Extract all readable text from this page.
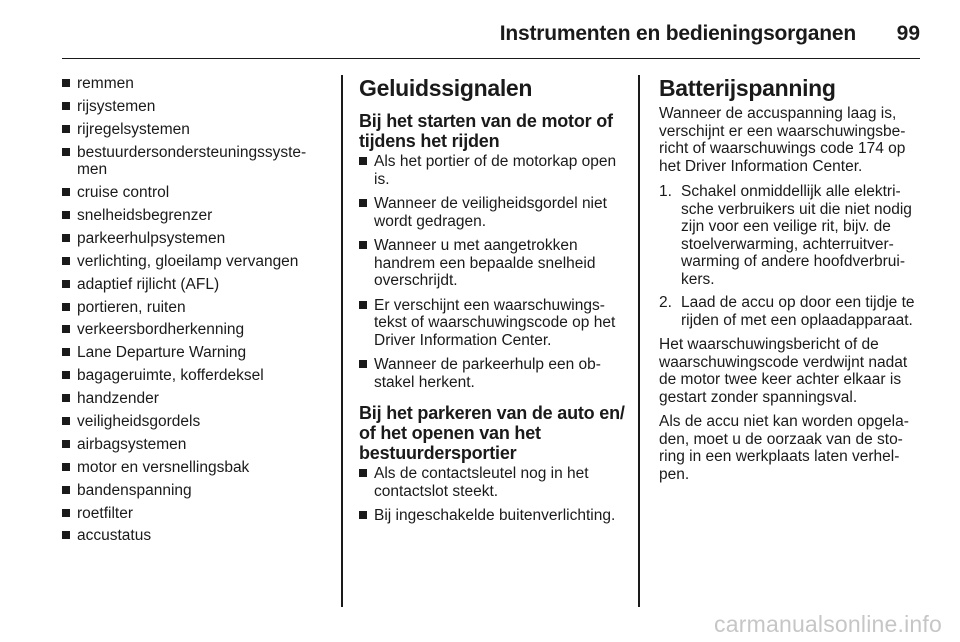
Instrumenten en bedieningsorganen 99
remmen
rijsystemen
rijregelsystemen
bestuurdersondersteuningssyste-
men
cruise control
snelheidsbegrenzer
parkeerhulpsystemen
verlichting, gloeilamp vervangen
adaptief rijlicht (AFL)
portieren, ruiten
verkeersbordherkenning
Lane Departure Warning
bagageruimte, kofferdeksel
handzender
veiligheidsgordels
airbagsystemen
motor en versnellingsbak
bandenspanning
roetfilter
accustatus
Geluidssignalen
Bij het starten van de motor of tijdens het rijden
Als het portier of de motorkap open is.
Wanneer de veiligheidsgordel niet wordt gedragen.
Wanneer u met aangetrokken handrem een bepaalde snelheid overschrijdt.
Er verschijnt een waarschuwings-tekst of waarschuwingscode op het Driver Information Center.
Wanneer de parkeerhulp een ob-stakel herkent.
Bij het parkeren van de auto en/ of het openen van het bestuurdersportier
Als de contactsleutel nog in het contactslot steekt.
Bij ingeschakelde buitenverlichting.
Batterijspanning

Wanneer de accuspanning laag is, verschijnt er een waarschuwingsbe-richt of waarschuwings code 174 op het Driver Information Center.

1. Schakel onmiddellijk alle elektri-sche verbruikers uit die niet nodig zijn voor een veilige rit, bijv. de stoelverwarming, achterruitver-warming of andere hoofdverbrui-kers.
2. Laad de accu op door een tijdje te rijden of met een oplaadapparaat.

Het waarschuwingsbericht of de waarschuwingscode verdwijnt nadat de motor twee keer achter elkaar is gestart zonder spanningsval.

Als de accu niet kan worden opgela-den, moet u de oorzaak van de sto-ring in een werkplaats laten verhel-pen.

carmanualsonline.info
